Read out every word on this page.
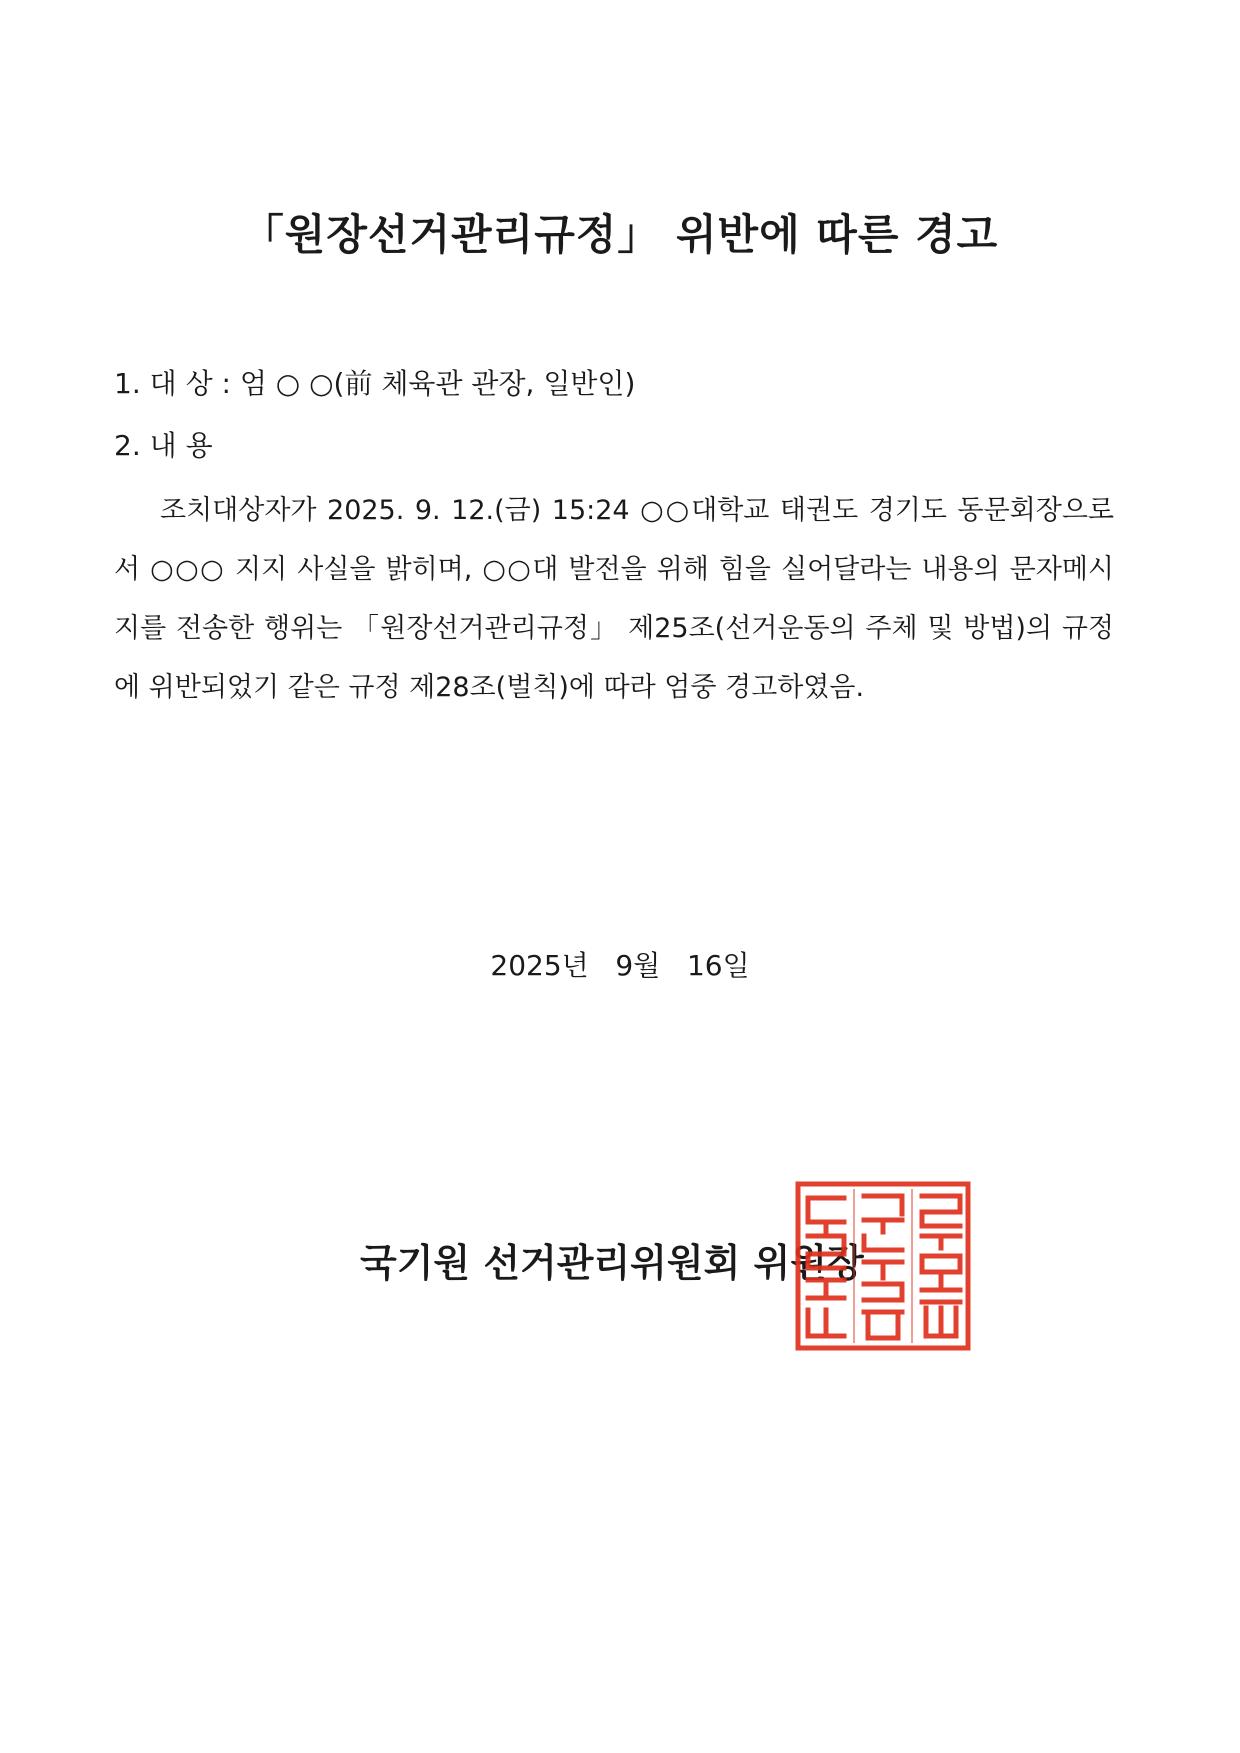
「원장선거관리규정」 위반에 따른 경고
1. 대 상 : 엄 ○ ○(前 체육관 관장, 일반인)
2. 내 용
조치대상자가 2025. 9. 12.(금) 15:24 ○○대학교 태권도 경기도 동문회장으로서 ○○○ 지지 사실을 밝히며, ○○대 발전을 위해 힘을 실어달라는 내용의 문자메시지를 전송한 행위는 「원장선거관리규정」 제25조(선거운동의 주체 및 방법)의 규정에 위반되었기 같은 규정 제28조(벌칙)에 따라 엄중 경고하였음.
2025년   9월   16일
국기원 선거관리위원회 위원장
